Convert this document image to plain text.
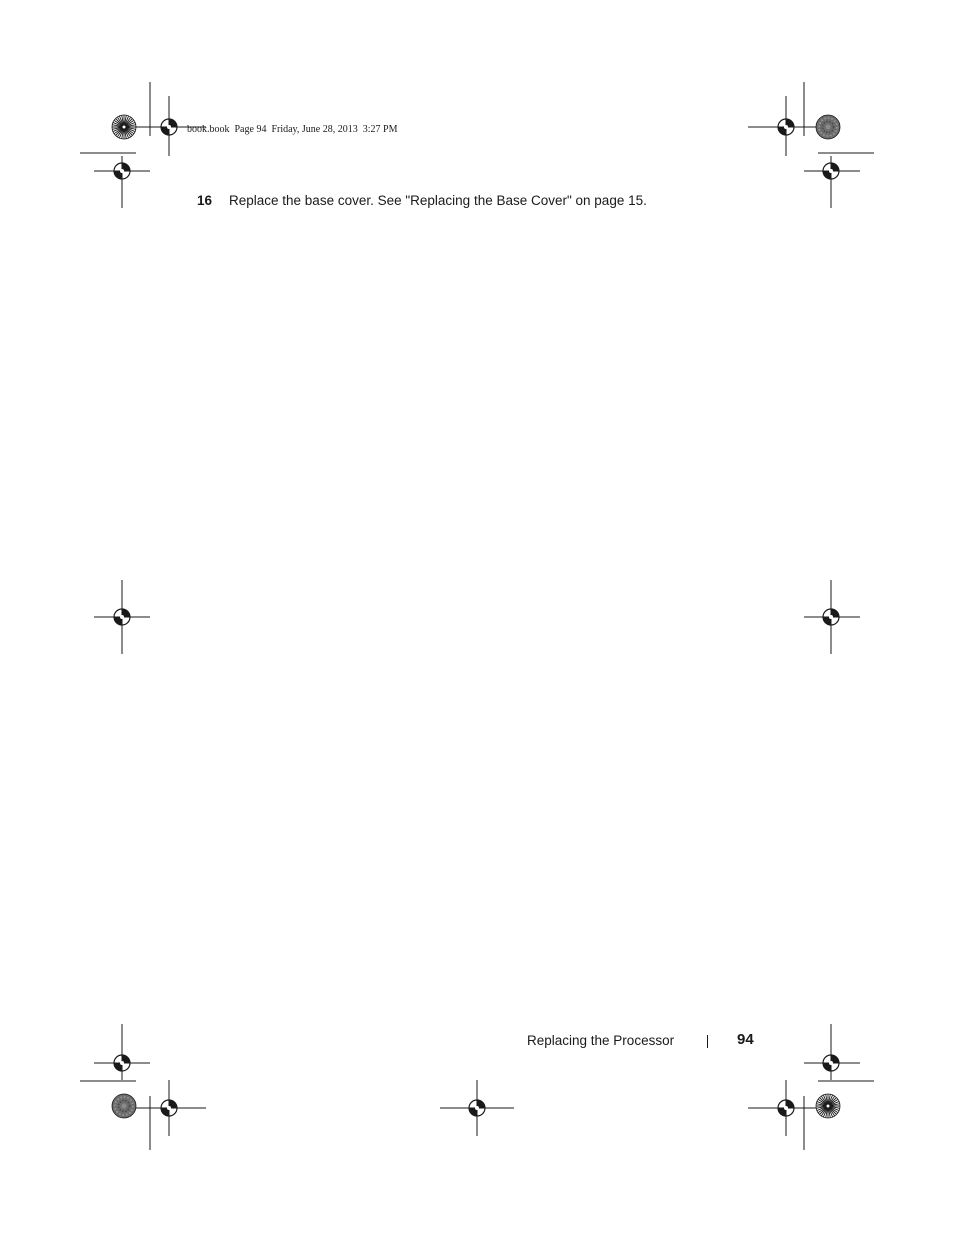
book.book  Page 94  Friday, June 28, 2013  3:27 PM
16 Replace the base cover. See "Replacing the Base Cover" on page 15.
Replacing the Processor	94
